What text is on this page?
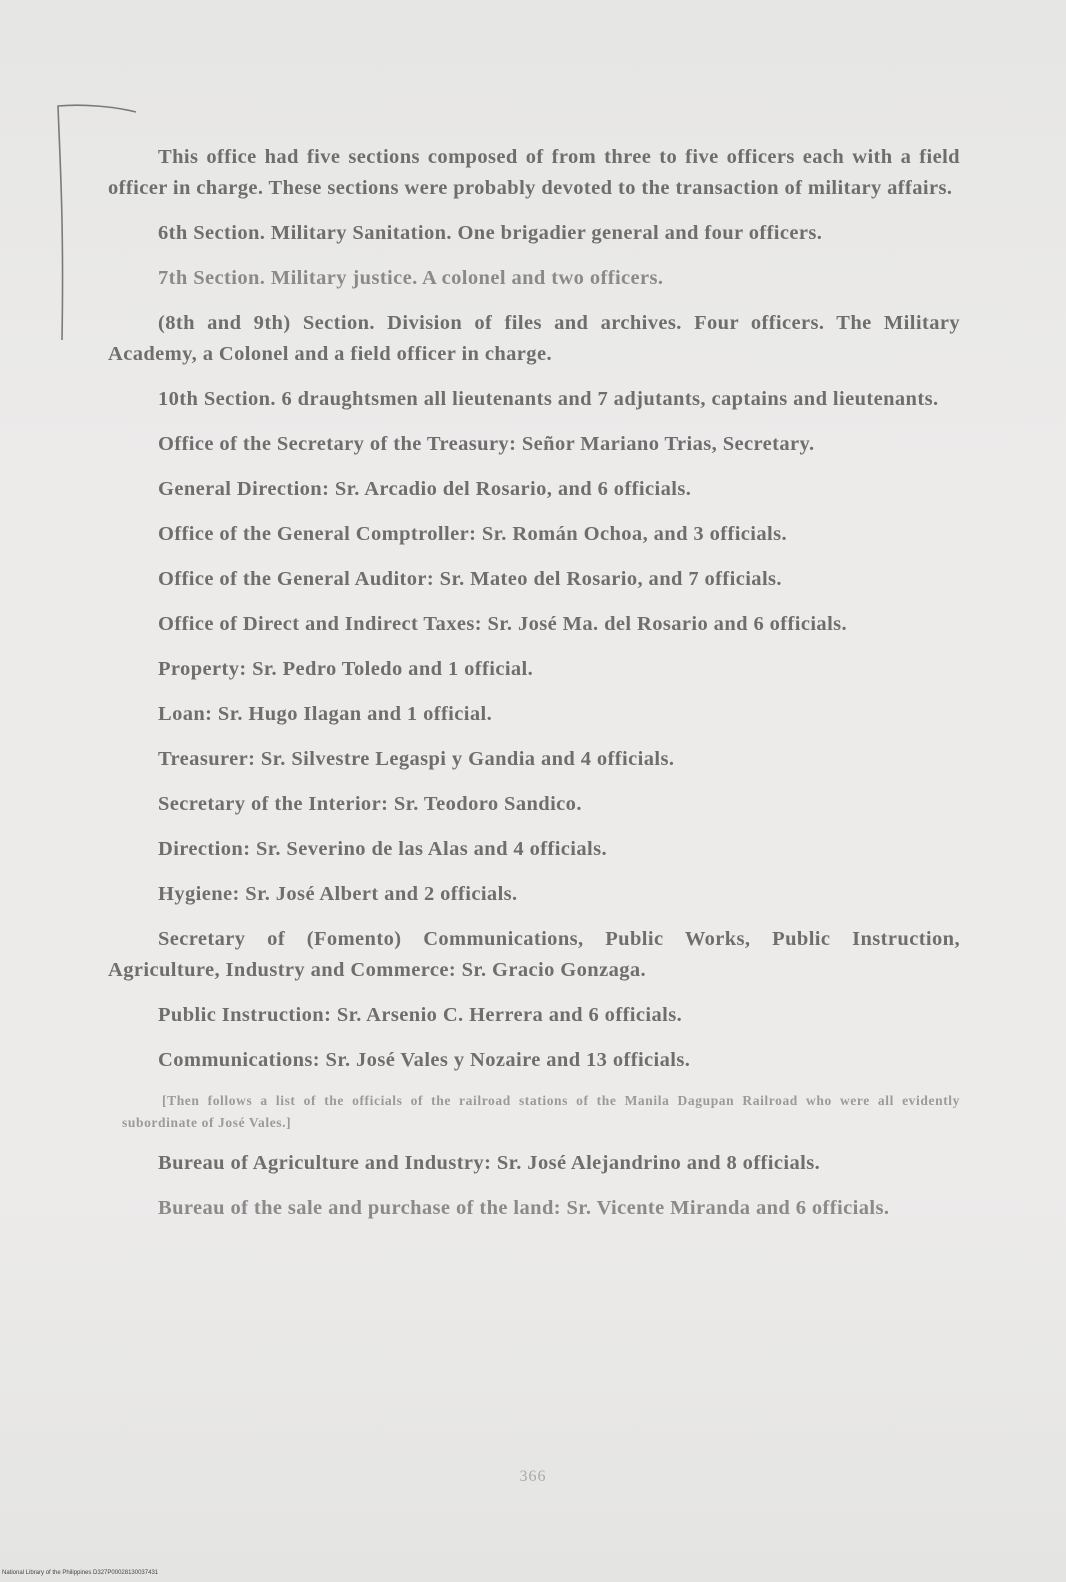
This office had five sections composed of from three to five officers each with a field officer in charge. These sections were probably devoted to the transaction of military affairs.

6th Section. Military Sanitation. One brigadier general and four officers.

7th Section. Military justice. A colonel and two officers.

(8th and 9th) Section. Division of files and archives. Four officers. The Military Academy, a Colonel and a field officer in charge.

10th Section. 6 draughtsmen all lieutenants and 7 adjutants, captains and lieutenants.

Office of the Secretary of the Treasury: Señor Mariano Trias, Secretary.

General Direction: Sr. Arcadio del Rosario, and 6 officials.

Office of the General Comptroller: Sr. Román Ochoa, and 3 officials.

Office of the General Auditor: Sr. Mateo del Rosario, and 7 officials.

Office of Direct and Indirect Taxes: Sr. José Ma. del Rosario and 6 officials.

Property: Sr. Pedro Toledo and 1 official.

Loan: Sr. Hugo Ilagan and 1 official.

Treasurer: Sr. Silvestre Legaspi y Gandia and 4 officials.

Secretary of the Interior: Sr. Teodoro Sandico.

Direction: Sr. Severino de las Alas and 4 officials.

Hygiene: Sr. José Albert and 2 officials.

Secretary of (Fomento) Communications, Public Works, Public Instruction, Agriculture, Industry and Commerce: Sr. Gracio Gonzaga.

Public Instruction: Sr. Arsenio C. Herrera and 6 officials.

Communications: Sr. José Vales y Nozaire and 13 officials.

[Then follows a list of the officials of the railroad stations of the Manila Dagupan Railroad who were all evidently subordinate of José Vales.]

Bureau of Agriculture and Industry: Sr. José Alejandrino and 8 officials.

Bureau of the sale and purchase of the land: Sr. Vicente Miranda and 6 officials.

366
National Library of the Philippines D327P00028130037431
